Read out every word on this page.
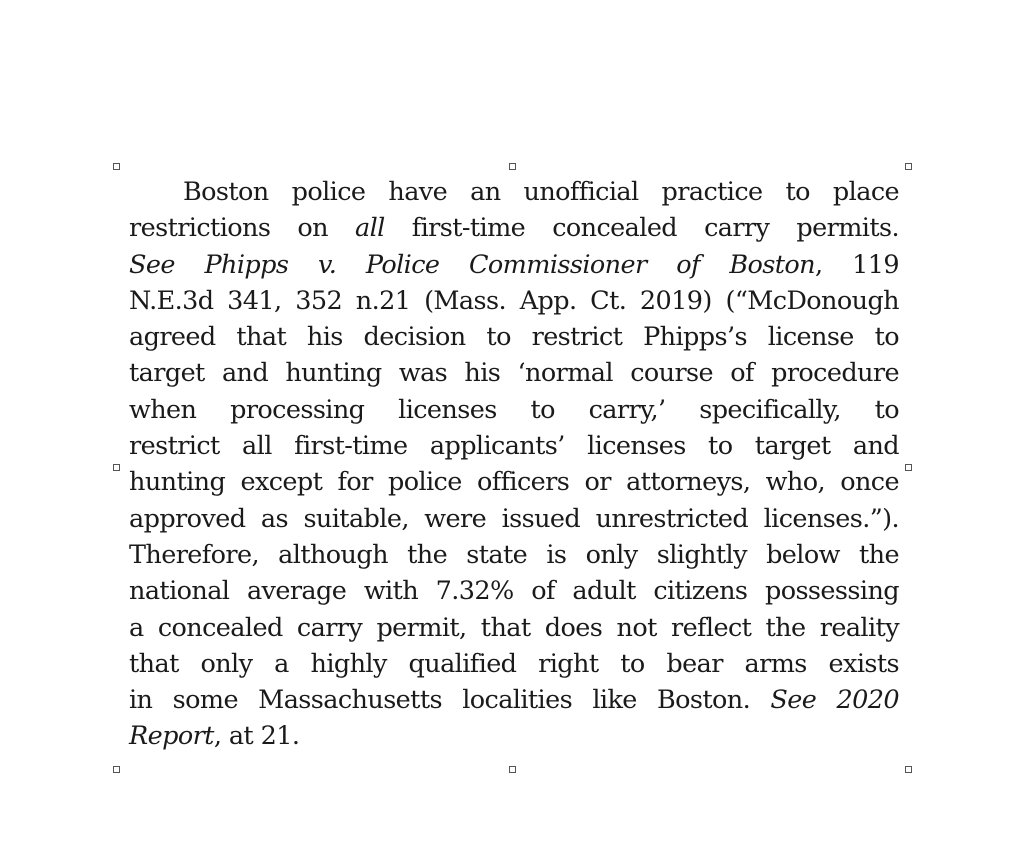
Boston police have an unofficial practice to place
restrictions on all first-time concealed carry permits.
See Phipps v. Police Commissioner of Boston, 119
N.E.3d 341, 352 n.21 (Mass. App. Ct. 2019) (“McDonough
agreed that his decision to restrict Phipps’s license to
target and hunting was his ‘normal course of procedure
when processing licenses to carry,’ specifically, to
restrict all first-time applicants’ licenses to target and
hunting except for police officers or attorneys, who, once
approved as suitable, were issued unrestricted licenses.”).
Therefore, although the state is only slightly below the
national average with 7.32% of adult citizens possessing
a concealed carry permit, that does not reflect the reality
that only a highly qualified right to bear arms exists
in some Massachusetts localities like Boston. See 2020
Report, at 21.
